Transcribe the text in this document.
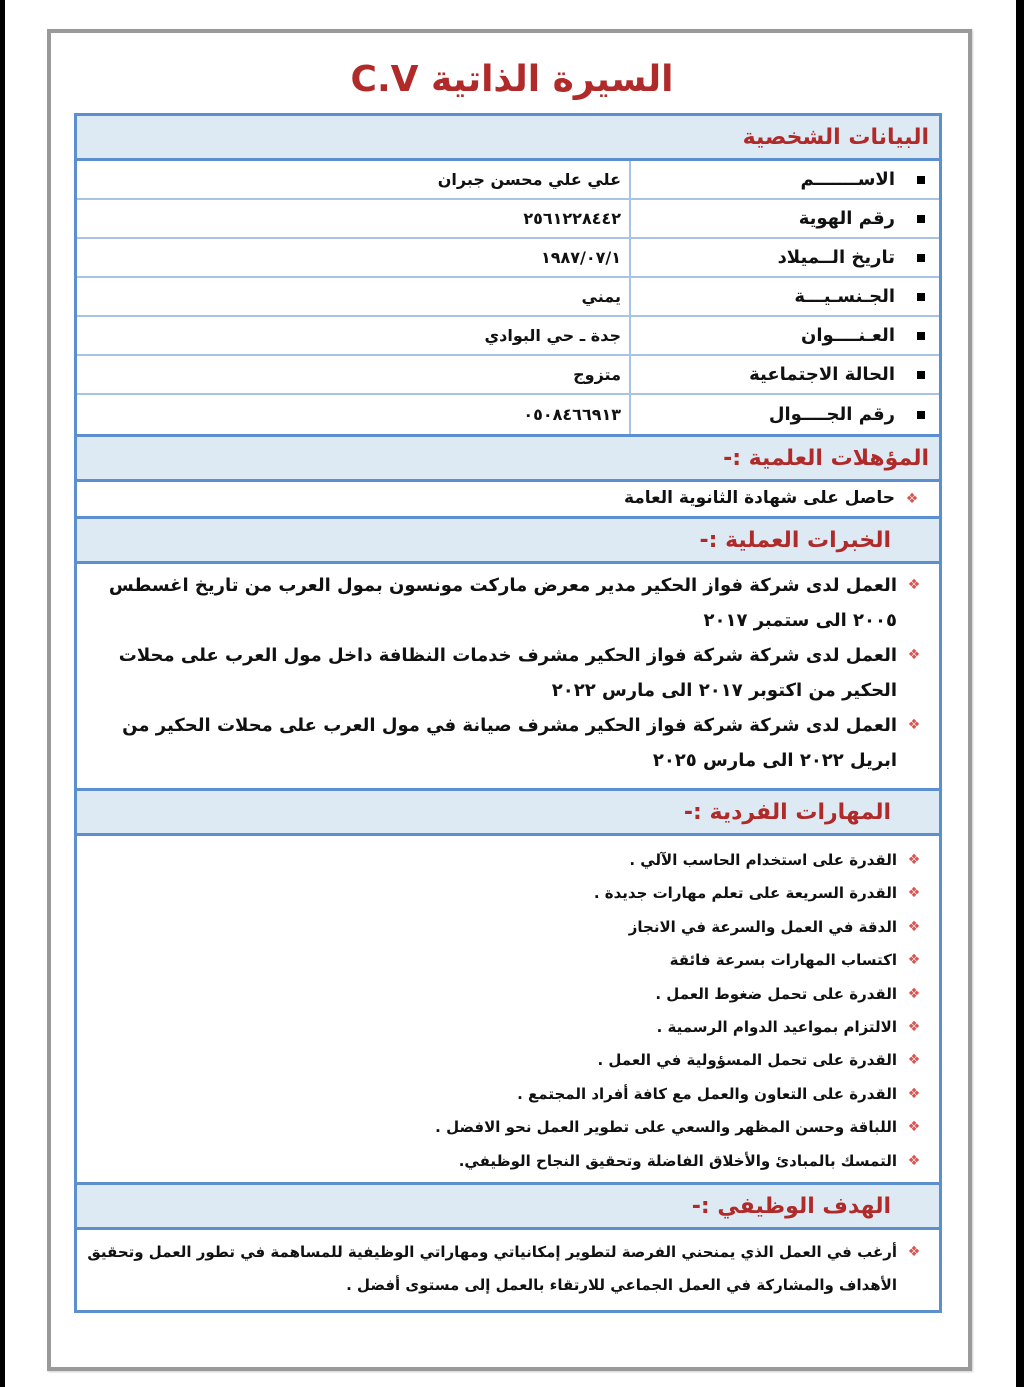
السيرة الذاتية C.V
البيانات الشخصية
الاســـــــم
علي علي محسن جبران
رقم الهوية
٢٥٦١٢٢٨٤٤٢
تاريخ الــميلاد
١٩٨٧/٠٧/١
الجـنسـيـــة
يمني
العـنــــوان
جدة ـ حي البوادي
الحالة الاجتماعية
متزوج
رقم الجــــوال
٠٥٠٨٤٦٦٩١٣
المؤهلات العلمية :-
❖
حاصل على شهادة الثانوية العامة
الخبرات العملية :-
❖
العمل لدى شركة فواز الحكير مدير معرض ماركت مونسون بمول العرب من تاريخ اغسطس ٢٠٠٥ الى ستمبر ٢٠١٧
❖
العمل لدى شركة شركة فواز الحكير مشرف خدمات النظافة داخل مول العرب على محلات الحكير من اكتوبر ٢٠١٧ الى مارس ٢٠٢٢
❖
العمل لدى شركة شركة فواز الحكير مشرف صيانة في مول العرب على محلات الحكير من ابريل ٢٠٢٢ الى مارس ٢٠٢٥
المهارات الفردية :-
❖
القدرة على استخدام الحاسب الآلي .
❖
القدرة السريعة على تعلم مهارات جديدة .
❖
الدقة في العمل والسرعة في الانجاز
❖
اكتساب المهارات بسرعة فائقة
❖
القدرة على تحمل ضغوط العمل .
❖
الالتزام بمواعيد الدوام الرسمية .
❖
القدرة على تحمل المسؤولية في العمل .
❖
القدرة على التعاون والعمل مع كافة أفراد المجتمع .
❖
اللباقة وحسن المظهر والسعي على تطوير العمل نحو الافضل .
❖
التمسك بالمبادئ والأخلاق الفاضلة وتحقيق النجاح الوظيفي.
الهدف الوظيفي :-
❖
أرغب في العمل الذي يمنحني الفرصة لتطوير إمكانياتي ومهاراتي الوظيفية للمساهمة في تطور العمل وتحقيق الأهداف والمشاركة في العمل الجماعي للارتقاء بالعمل إلى مستوى أفضل .
